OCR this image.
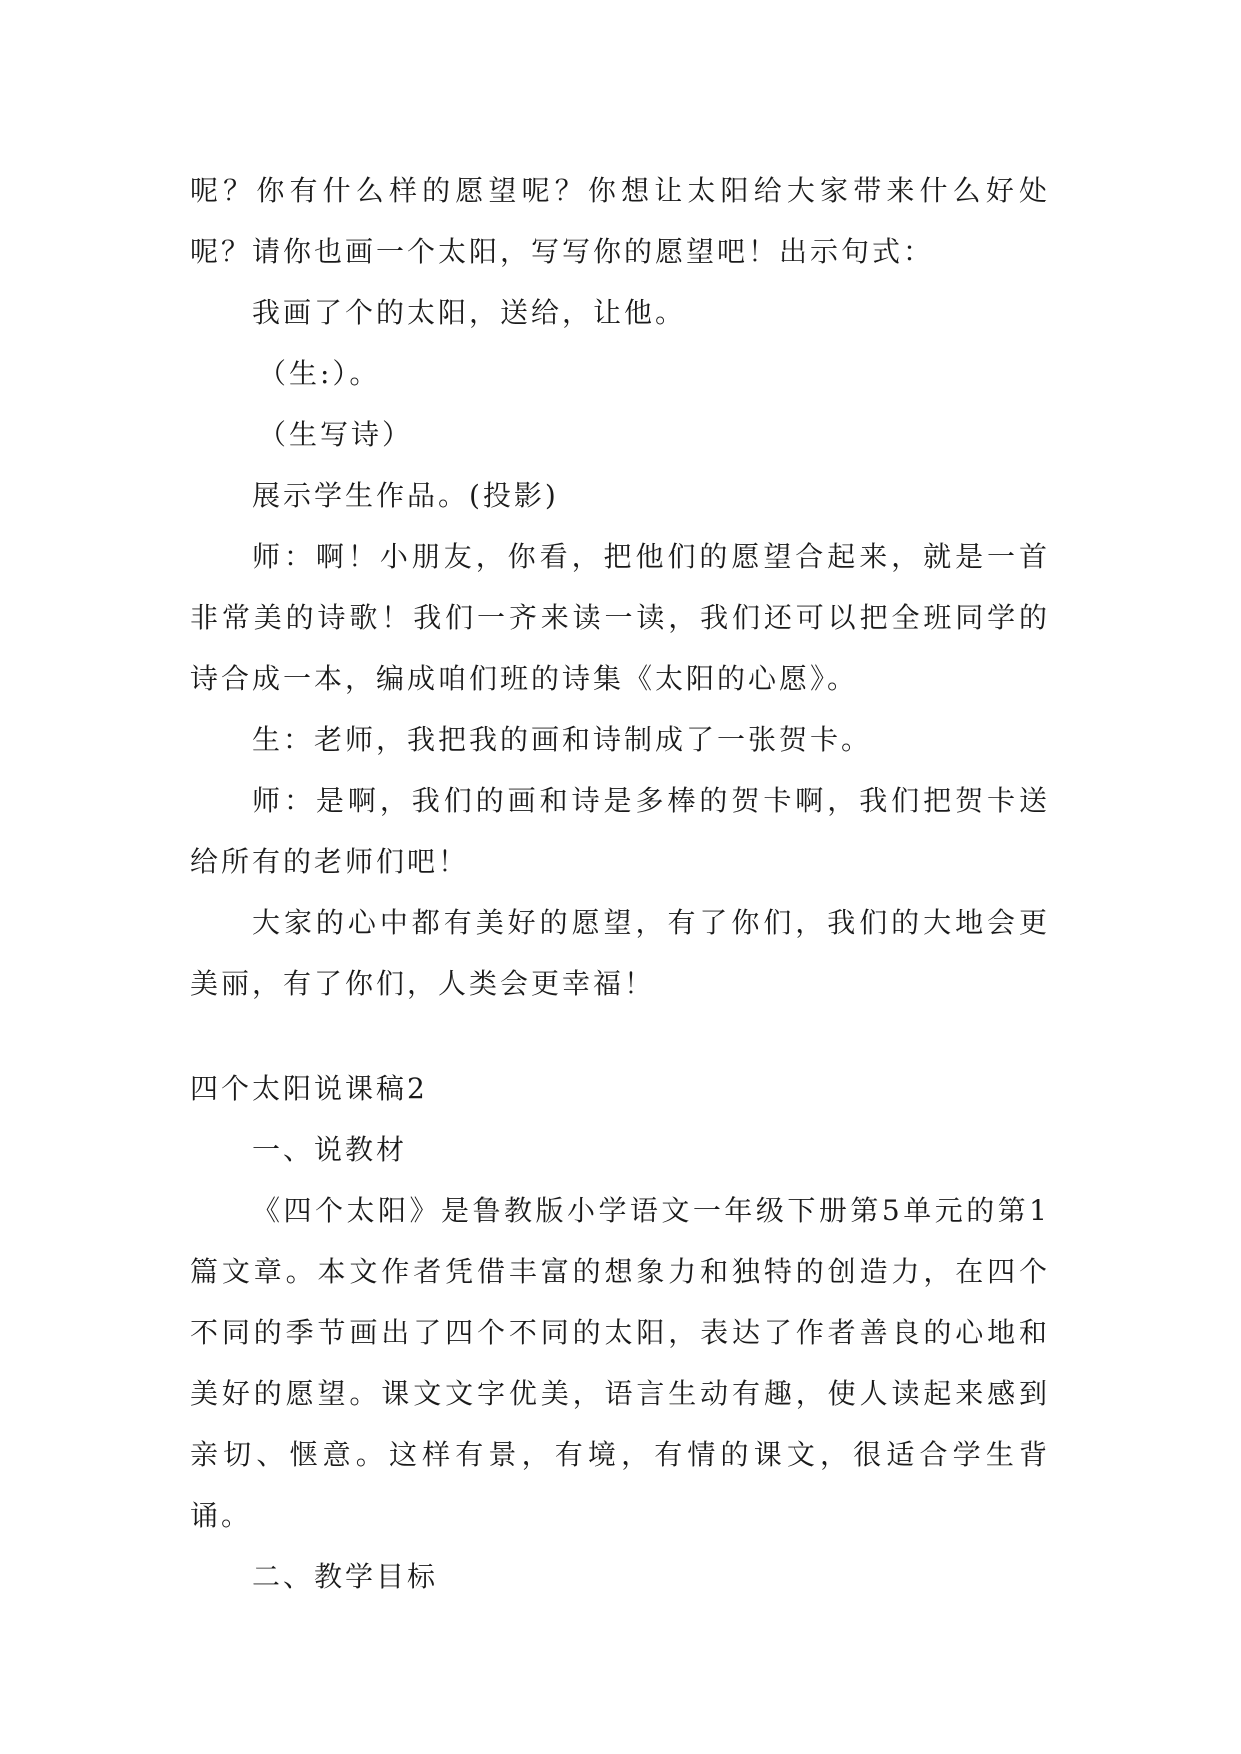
呢？你有什么样的愿望呢？你想让太阳给大家带来什么好处呢？请你也画一个太阳，写写你的愿望吧！出示句式：

我画了个的太阳，送给，让他。

（生:）。

（生写诗）

展示学生作品。(投影)

师：啊！小朋友，你看，把他们的愿望合起来，就是一首非常美的诗歌！我们一齐来读一读，我们还可以把全班同学的诗合成一本，编成咱们班的诗集《太阳的心愿》。

生：老师，我把我的画和诗制成了一张贺卡。

师：是啊，我们的画和诗是多棒的贺卡啊，我们把贺卡送给所有的老师们吧！

大家的心中都有美好的愿望，有了你们，我们的大地会更美丽，有了你们，人类会更幸福！

四个太阳说课稿2

一、说教材

《四个太阳》是鲁教版小学语文一年级下册第5单元的第1篇文章。本文作者凭借丰富的想象力和独特的创造力，在四个不同的季节画出了四个不同的太阳，表达了作者善良的心地和美好的愿望。课文文字优美，语言生动有趣，使人读起来感到亲切、惬意。这样有景，有境，有情的课文，很适合学生背诵。

二、教学目标
